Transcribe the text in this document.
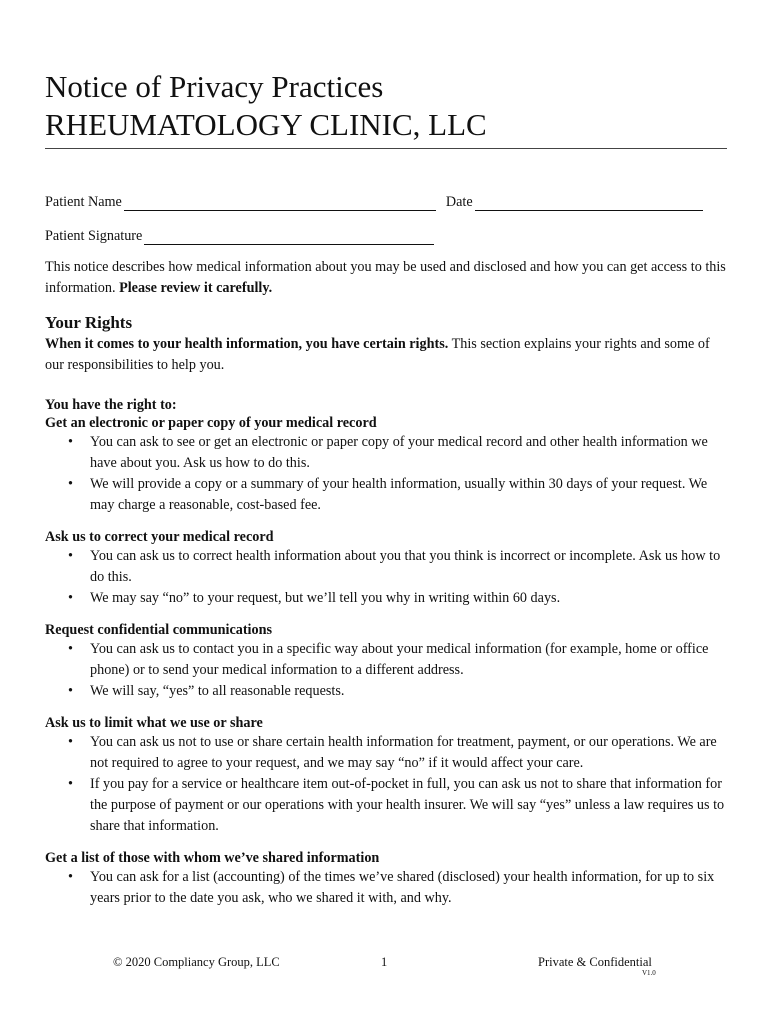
Notice of Privacy Practices
RHEUMATOLOGY CLINIC, LLC
Patient Name	Date
Patient Signature

This notice describes how medical information about you may be used and disclosed and how you can get access to this information. Please review it carefully.

Your Rights

When it comes to your health information, you have certain rights. This section explains your rights and some of our responsibilities to help you.

You have the right to:

Get an electronic or paper copy of your medical record

• You can ask to see or get an electronic or paper copy of your medical record and other health information we have about you. Ask us how to do this.
• We will provide a copy or a summary of your health information, usually within 30 days of your request. We may charge a reasonable, cost-based fee.

Ask us to correct your medical record

• You can ask us to correct health information about you that you think is incorrect or incomplete. Ask us how to do this.
• We may say “no” to your request, but we’ll tell you why in writing within 60 days.

Request confidential communications

• You can ask us to contact you in a specific way about your medical information (for example, home or office phone) or to send your medical information to a different address.
• We will say, “yes” to all reasonable requests.

Ask us to limit what we use or share

• You can ask us not to use or share certain health information for treatment, payment, or our operations. We are not required to agree to your request, and we may say “no” if it would affect your care.
• If you pay for a service or healthcare item out-of-pocket in full, you can ask us not to share that information for the purpose of payment or our operations with your health insurer. We will say “yes” unless a law requires us to share that information.

Get a list of those with whom we’ve shared information

• You can ask for a list (accounting) of the times we’ve shared (disclosed) your health information, for up to six years prior to the date you ask, who we shared it with, and why.
© 2020 Compliancy Group, LLC	1	Private & Confidential
V1.0
